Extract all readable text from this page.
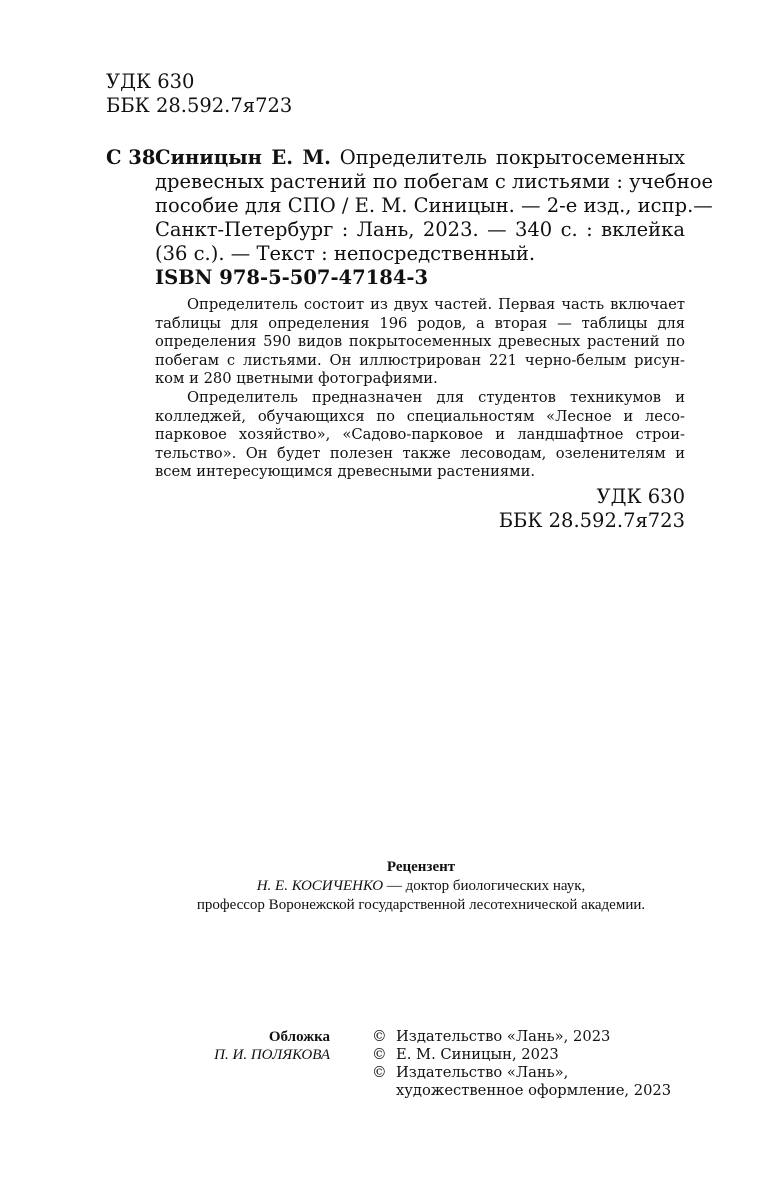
УДК 630
ББК 28.592.7я723
С 38 Синицын Е. М. Определитель покрытосеменных
древесных растений по побегам с листьями : учебное
пособие для СПО / Е. М. Синицын. — 2-е изд., испр.—
Санкт-Петербург : Лань, 2023. — 340 с. : вклейка
(36 с.). — Текст : непосредственный.
ISBN 978-5-507-47184-3
Определитель состоит из двух частей. Первая часть включает
таблицы для определения 196 родов, а вторая — таблицы для
определения 590 видов покрытосеменных древесных растений по
побегам с листьями. Он иллюстрирован 221 черно-белым рисун-
ком и 280 цветными фотографиями.
Определитель предназначен для студентов техникумов и
колледжей, обучающихся по специальностям «Лесное и лесо-
парковое хозяйство», «Садово-парковое и ландшафтное строи-
тельство». Он будет полезен также лесоводам, озеленителям и
всем интересующимся древесными растениями.
УДК 630
ББК 28.592.7я723
Рецензент
Н. Е. КОСИЧЕНКО — доктор биологических наук,
профессор Воронежской государственной лесотехнической академии.
Обложка
П. И. ПОЛЯКОВА
© Издательство «Лань», 2023
© Е. М. Синицын, 2023
© Издательство «Лань»,
художественное оформление, 2023
